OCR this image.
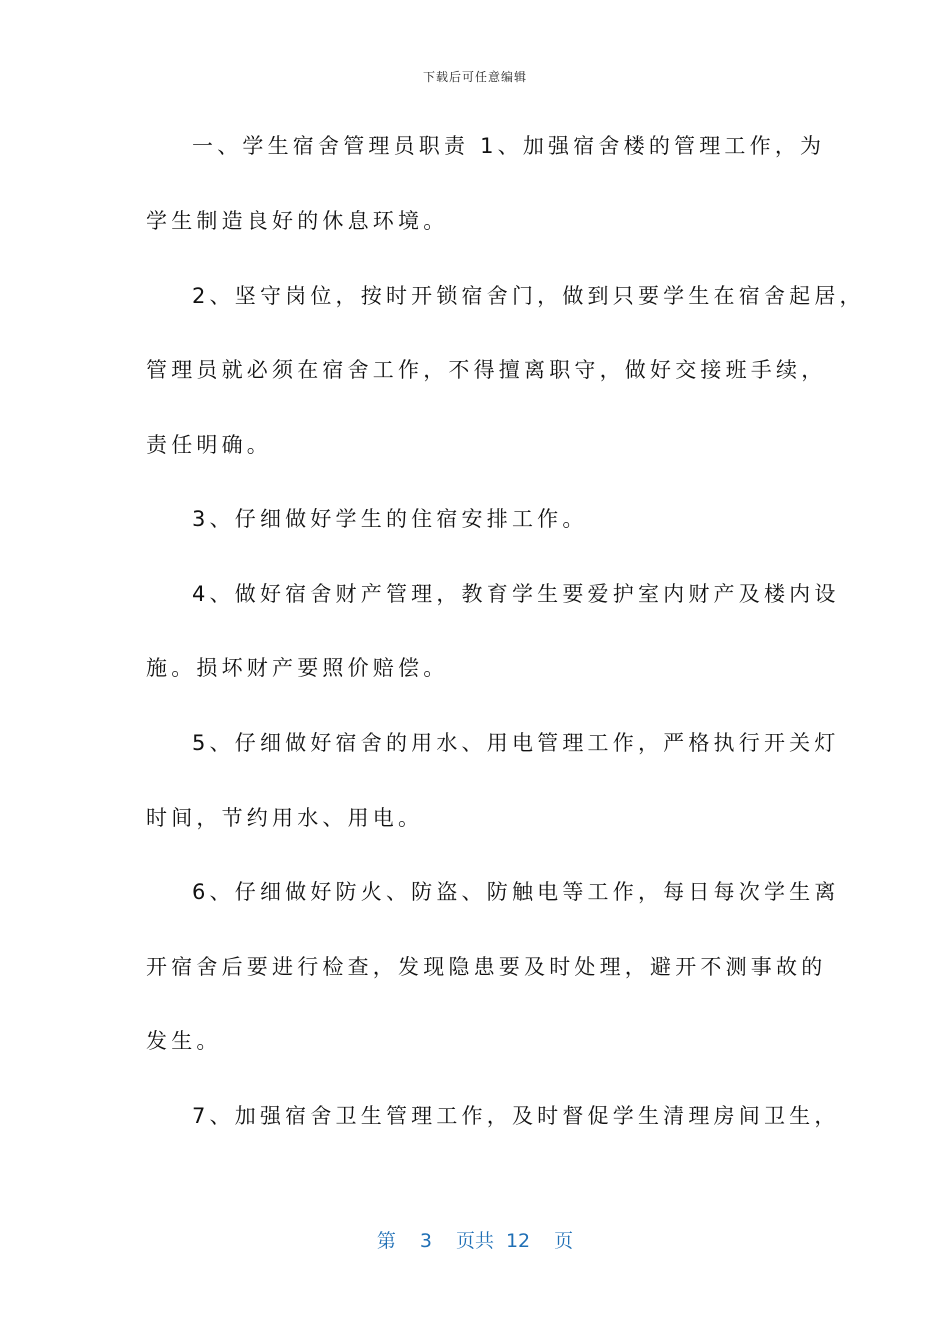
下载后可任意编辑
一、学生宿舍管理员职责 1、加强宿舍楼的管理工作，为
学生制造良好的休息环境。
2、坚守岗位，按时开锁宿舍门，做到只要学生在宿舍起居，
管理员就必须在宿舍工作，不得擅离职守，做好交接班手续，
责任明确。
3、仔细做好学生的住宿安排工作。
4、做好宿舍财产管理，教育学生要爱护室内财产及楼内设
施。损坏财产要照价赔偿。
5、仔细做好宿舍的用水、用电管理工作，严格执行开关灯
时间，节约用水、用电。
6、仔细做好防火、防盗、防触电等工作，每日每次学生离
开宿舍后要进行检查，发现隐患要及时处理，避开不测事故的
发生。
7、加强宿舍卫生管理工作，及时督促学生清理房间卫生，
第 3 页共 12 页
